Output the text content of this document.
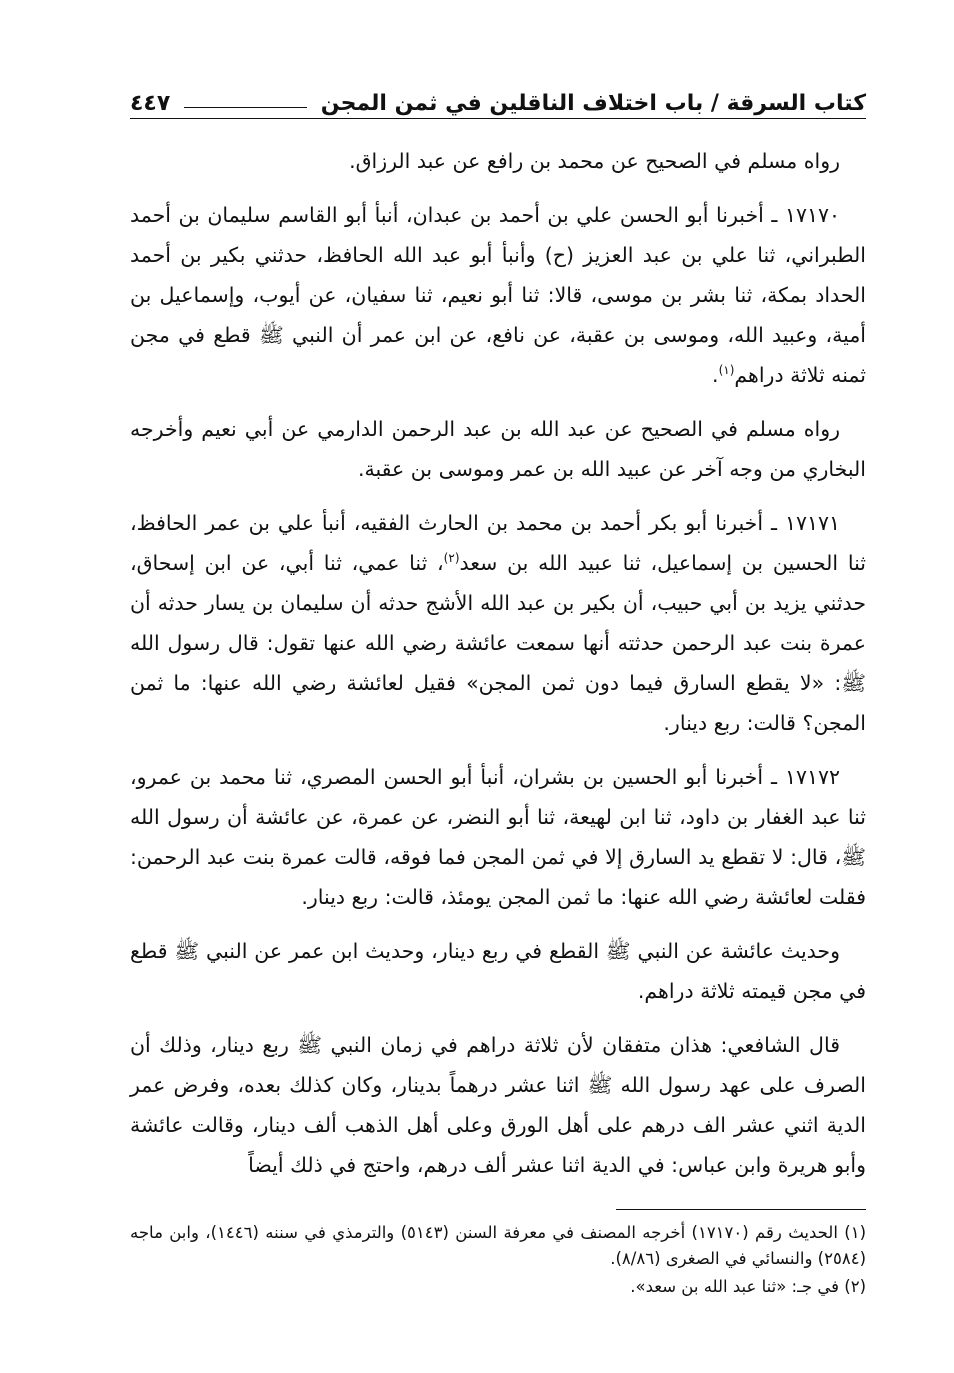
كتاب السرقة / باب اختلاف الناقلين في ثمن المجن
٤٤٧

رواه مسلم في الصحيح عن محمد بن رافع عن عبد الرزاق.

١٧١٧٠ ـ أخبرنا أبو الحسن علي بن أحمد بن عبدان، أنبأ أبو القاسم سليمان بن أحمد الطبراني، ثنا علي بن عبد العزيز (ح) وأنبأ أبو عبد الله الحافظ، حدثني بكير بن أحمد الحداد بمكة، ثنا بشر بن موسى، قالا: ثنا أبو نعيم، ثنا سفيان، عن أيوب، وإسماعيل بن أمية، وعبيد الله، وموسى بن عقبة، عن نافع، عن ابن عمر أن النبي ﷺ قطع في مجن ثمنه ثلاثة دراهم$^{(١)}$.

رواه مسلم في الصحيح عن عبد الله بن عبد الرحمن الدارمي عن أبي نعيم وأخرجه البخاري من وجه آخر عن عبيد الله بن عمر وموسى بن عقبة.

١٧١٧١ ـ أخبرنا أبو بكر أحمد بن محمد بن الحارث الفقيه، أنبأ علي بن عمر الحافظ، ثنا الحسين بن إسماعيل، ثنا عبيد الله بن سعد$^{(٢)}$، ثنا عمي، ثنا أبي، عن ابن إسحاق، حدثني يزيد بن أبي حبيب، أن بكير بن عبد الله الأشج حدثه أن سليمان بن يسار حدثه أن عمرة بنت عبد الرحمن حدثته أنها سمعت عائشة رضي الله عنها تقول: قال رسول الله ﷺ: «لا يقطع السارق فيما دون ثمن المجن» فقيل لعائشة رضي الله عنها: ما ثمن المجن؟ قالت: ربع دينار.

١٧١٧٢ ـ أخبرنا أبو الحسين بن بشران، أنبأ أبو الحسن المصري، ثنا محمد بن عمرو، ثنا عبد الغفار بن داود، ثنا ابن لهيعة، ثنا أبو النضر، عن عمرة، عن عائشة أن رسول الله ﷺ، قال: لا تقطع يد السارق إلا في ثمن المجن فما فوقه، قالت عمرة بنت عبد الرحمن: فقلت لعائشة رضي الله عنها: ما ثمن المجن يومئذ، قالت: ربع دينار.

وحديث عائشة عن النبي ﷺ القطع في ربع دينار، وحديث ابن عمر عن النبي ﷺ قطع في مجن قيمته ثلاثة دراهم.

قال الشافعي: هذان متفقان لأن ثلاثة دراهم في زمان النبي ﷺ ربع دينار، وذلك أن الصرف على عهد رسول الله ﷺ اثنا عشر درهماً بدينار، وكان كذلك بعده، وفرض عمر الدية اثني عشر الف درهم على أهل الورق وعلى أهل الذهب ألف دينار، وقالت عائشة وأبو هريرة وابن عباس: في الدية اثنا عشر ألف درهم، واحتج في ذلك أيضاً

(١) الحديث رقم (١٧١٧٠) أخرجه المصنف في معرفة السنن (٥١٤٣) والترمذي في سننه (١٤٤٦)، وابن ماجه (٢٥٨٤) والنسائي في الصغرى (٨/٨٦).

(٢) في جـ: «ثنا عبد الله بن سعد».
